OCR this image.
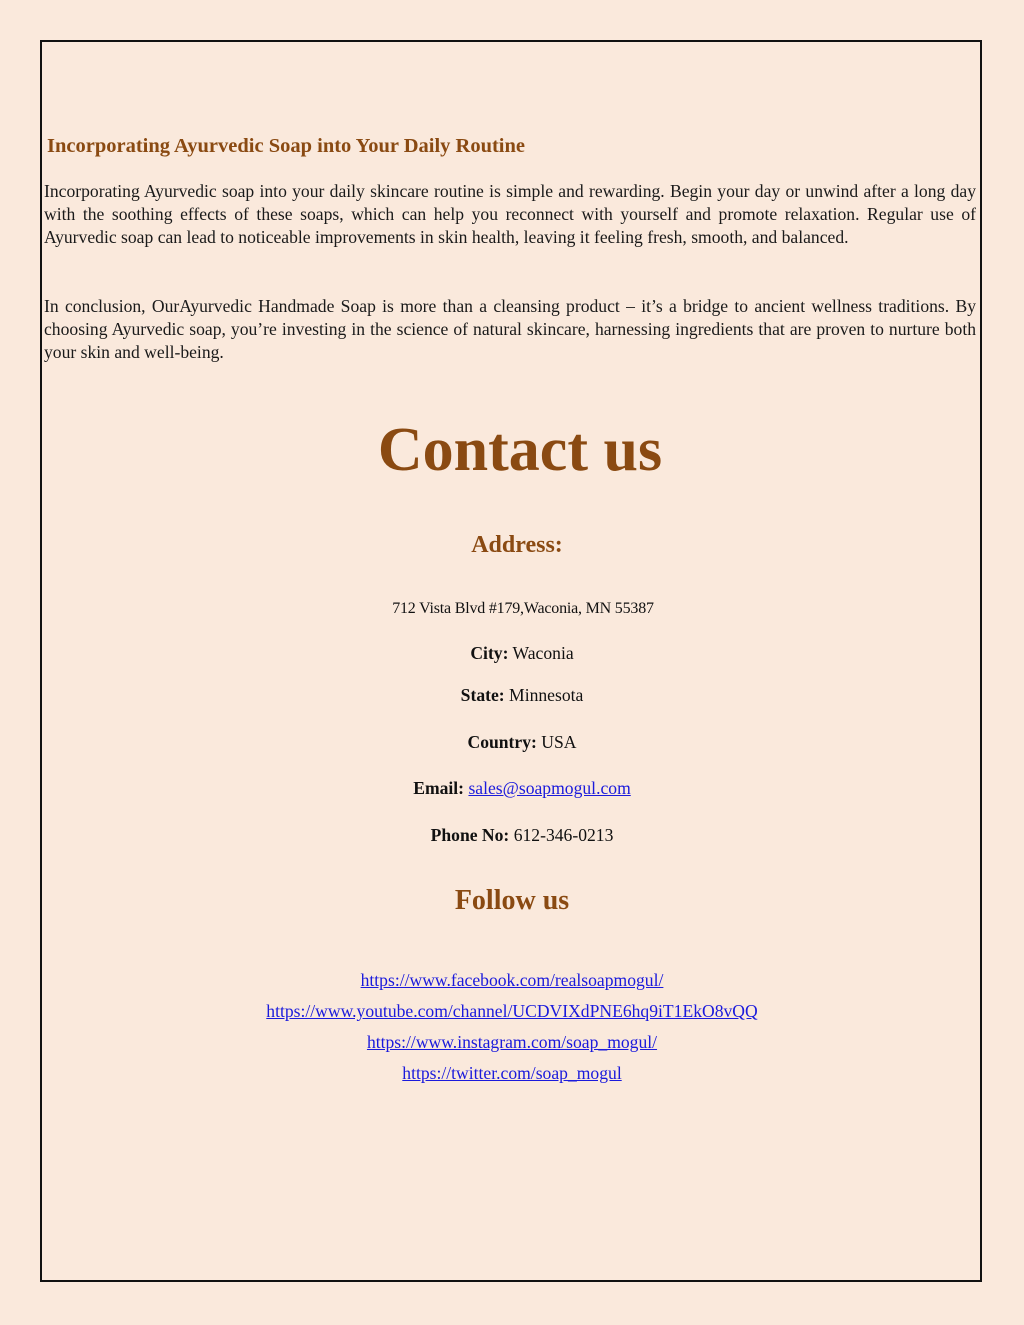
Incorporating Ayurvedic Soap into Your Daily Routine

Incorporating Ayurvedic soap into your daily skincare routine is simple and rewarding. Begin your day or unwind after a long day with the soothing effects of these soaps, which can help you reconnect with yourself and promote relaxation. Regular use of Ayurvedic soap can lead to noticeable improvements in skin health, leaving it feeling fresh, smooth, and balanced.

In conclusion, OurAyurvedic Handmade Soap is more than a cleansing product – it’s a bridge to ancient wellness traditions. By choosing Ayurvedic soap, you’re investing in the science of natural skincare, harnessing ingredients that are proven to nurture both your skin and well-being.

Contact us
Address:
712 Vista Blvd #179,Waconia, MN 55387
City: Waconia
State: Minnesota
Country: USA
Email: sales@soapmogul.com
Phone No: 612-346-0213
Follow us
https://www.facebook.com/realsoapmogul/
https://www.youtube.com/channel/UCDVIXdPNE6hq9iT1EkO8vQQ
https://www.instagram.com/soap_mogul/
https://twitter.com/soap_mogul
